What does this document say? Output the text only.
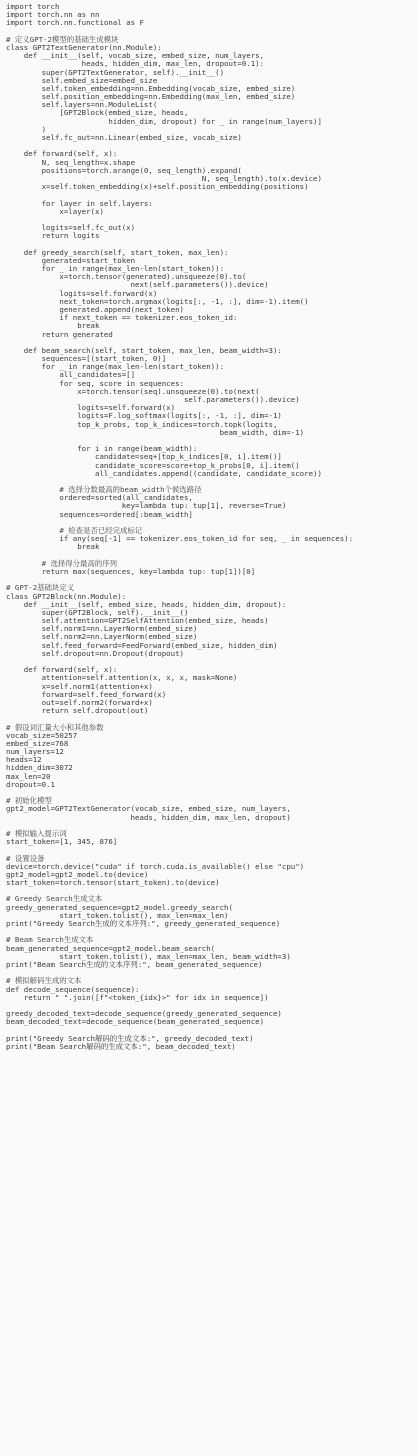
import torch
import torch.nn as nn
import torch.nn.functional as F

# 定义GPT-2模型的基础生成模块
class GPT2TextGenerator(nn.Module):
def __init__(self, vocab_size, embed_size, num_layers,
heads, hidden_dim, max_len, dropout=0.1):
super(GPT2TextGenerator, self).__init__()
self.embed_size=embed_size
self.token_embedding=nn.Embedding(vocab_size, embed_size)
self.position_embedding=nn.Embedding(max_len, embed_size)
self.layers=nn.ModuleList(
[GPT2Block(embed_size, heads,
hidden_dim, dropout) for _ in range(num_layers)]
)
self.fc_out=nn.Linear(embed_size, vocab_size)

def forward(self, x):
N, seq_length=x.shape
positions=torch.arange(0, seq_length).expand(
N, seq_length).to(x.device)
x=self.token_embedding(x)+self.position_embedding(positions)

for layer in self.layers:
x=layer(x)

logits=self.fc_out(x)
return logits

def greedy_search(self, start_token, max_len):
generated=start_token
for _ in range(max_len-len(start_token)):
x=torch.tensor(generated).unsqueeze(0).to(
next(self.parameters()).device)
logits=self.forward(x)
next_token=torch.argmax(logits[:, -1, :], dim=-1).item()
generated.append(next_token)
if next_token == tokenizer.eos_token_id:
break
return generated

def beam_search(self, start_token, max_len, beam_width=3):
sequences=[(start_token, 0)]
for _ in range(max_len-len(start_token)):
all_candidates=[]
for seq, score in sequences:
x=torch.tensor(seq).unsqueeze(0).to(next(
self.parameters()).device)
logits=self.forward(x)
logits=F.log_softmax(logits[:, -1, :], dim=-1)
top_k_probs, top_k_indices=torch.topk(logits,
beam_width, dim=-1)

for i in range(beam_width):
candidate=seq+[top_k_indices[0, i].item()]
candidate_score=score+top_k_probs[0, i].item()
all_candidates.append((candidate, candidate_score))

# 选择分数最高的beam_width个候选路径
ordered=sorted(all_candidates,
key=lambda tup: tup[1], reverse=True)
sequences=ordered[:beam_width]

# 检查是否已经完成标记
if any(seq[-1] == tokenizer.eos_token_id for seq, _ in sequences):
break

# 选择得分最高的序列
return max(sequences, key=lambda tup: tup[1])[0]

# GPT-2基础块定义
class GPT2Block(nn.Module):
def __init__(self, embed_size, heads, hidden_dim, dropout):
super(GPT2Block, self).__init__()
self.attention=GPT2SelfAttention(embed_size, heads)
self.norm1=nn.LayerNorm(embed_size)
self.norm2=nn.LayerNorm(embed_size)
self.feed_forward=FeedForward(embed_size, hidden_dim)
self.dropout=nn.Dropout(dropout)

def forward(self, x):
attention=self.attention(x, x, x, mask=None)
x=self.norm1(attention+x)
forward=self.feed_forward(x)
out=self.norm2(forward+x)
return self.dropout(out)

# 假设词汇量大小和其他参数
vocab_size=50257
embed_size=768
num_layers=12
heads=12
hidden_dim=3072
max_len=20
dropout=0.1

# 初始化模型
gpt2_model=GPT2TextGenerator(vocab_size, embed_size, num_layers,
heads, hidden_dim, max_len, dropout)

# 模拟输入提示词
start_token=[1, 345, 876]

# 设置设备
device=torch.device("cuda" if torch.cuda.is_available() else "cpu")
gpt2_model=gpt2_model.to(device)
start_token=torch.tensor(start_token).to(device)

# Greedy Search生成文本
greedy_generated_sequence=gpt2_model.greedy_search(
start_token.tolist(), max_len=max_len)
print("Greedy Search生成的文本序列:", greedy_generated_sequence)

# Beam Search生成文本
beam_generated_sequence=gpt2_model.beam_search(
start_token.tolist(), max_len=max_len, beam_width=3)
print("Beam Search生成的文本序列:", beam_generated_sequence)

# 模拟解码生成的文本
def decode_sequence(sequence):
return " ".join([f"<token_{idx}>" for idx in sequence])

greedy_decoded_text=decode_sequence(greedy_generated_sequence)
beam_decoded_text=decode_sequence(beam_generated_sequence)

print("Greedy Search解码的生成文本:", greedy_decoded_text)
print("Beam Search解码的生成文本:", beam_decoded_text)
